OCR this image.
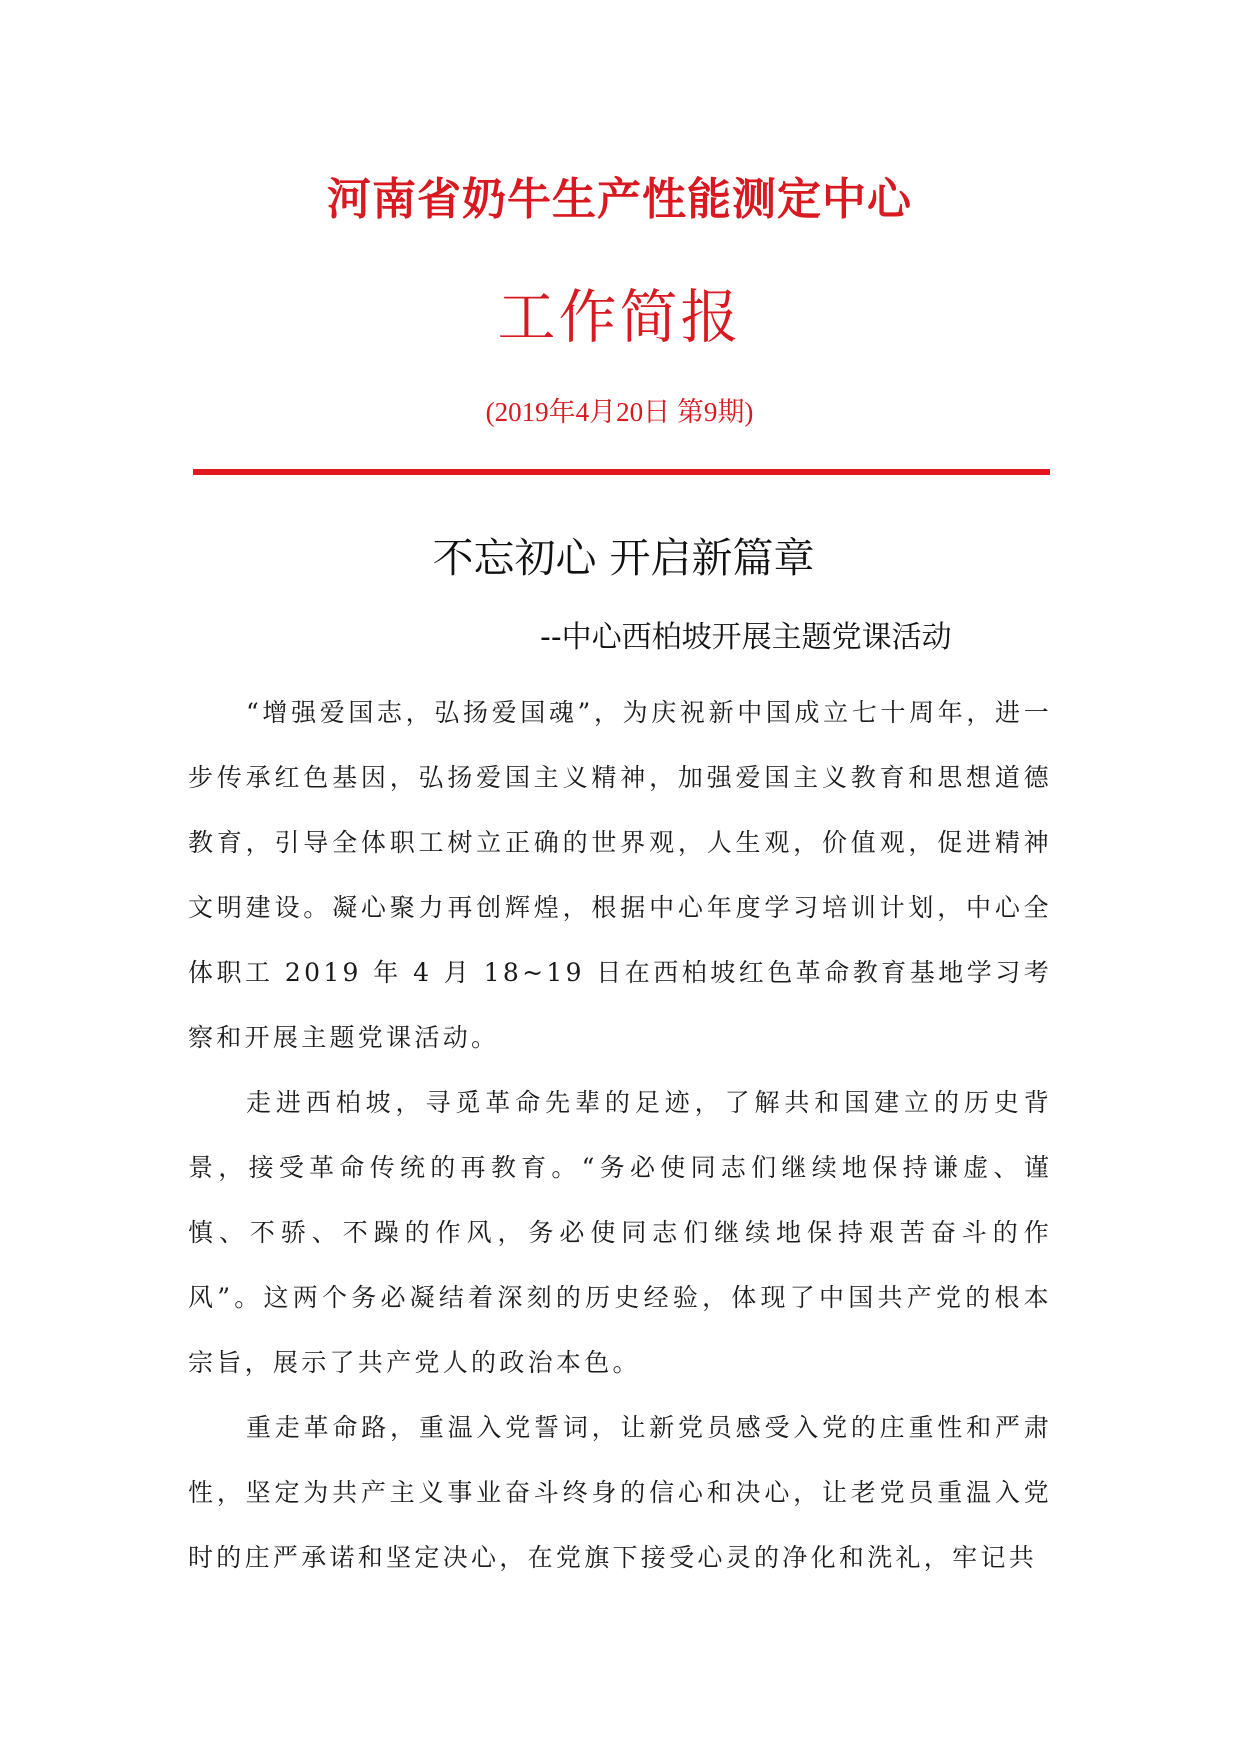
河南省奶牛生产性能测定中心
工作简报
(2019年4月20日 第9期)
不忘初心 开启新篇章
--中心西柏坡开展主题党课活动

“增强爱国志，弘扬爱国魂”，为庆祝新中国成立七十周年，进一步传承红色基因，弘扬爱国主义精神，加强爱国主义教育和思想道德教育，引导全体职工树立正确的世界观，人生观，价值观，促进精神文明建设。凝心聚力再创辉煌，根据中心年度学习培训计划，中心全体职工 2019 年 4 月 18~19 日在西柏坡红色革命教育基地学习考察和开展主题党课活动。

走进西柏坡，寻觅革命先辈的足迹，了解共和国建立的历史背景，接受革命传统的再教育。“务必使同志们继续地保持谦虚、谨慎、不骄、不躁的作风，务必使同志们继续地保持艰苦奋斗的作风”。这两个务必凝结着深刻的历史经验，体现了中国共产党的根本宗旨，展示了共产党人的政治本色。

重走革命路，重温入党誓词，让新党员感受入党的庄重性和严肃性，坚定为共产主义事业奋斗终身的信心和决心，让老党员重温入党时的庄严承诺和坚定决心，在党旗下接受心灵的净化和洗礼，牢记共
